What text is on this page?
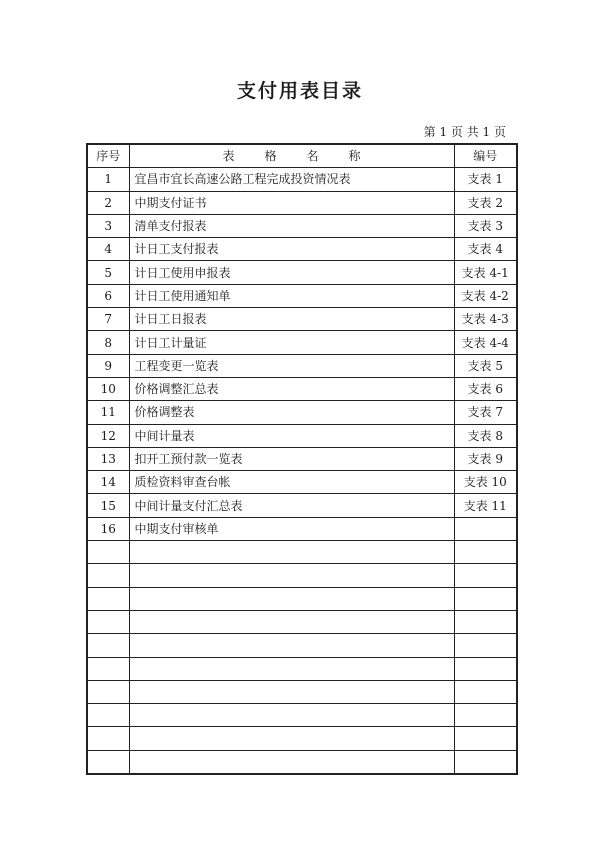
支付用表目录
第 1 页 共 1 页
序号	表格名称	编号
1	宜昌市宜长高速公路工程完成投资情况表	支表 1
2	中期支付证书	支表 2
3	清单支付报表	支表 3
4	计日工支付报表	支表 4
5	计日工使用申报表	支表 4-1
6	计日工使用通知单	支表 4-2
7	计日工日报表	支表 4-3
8	计日工计量证	支表 4-4
9	工程变更一览表	支表 5
10	价格调整汇总表	支表 6
11	价格调整表	支表 7
12	中间计量表	支表 8
13	扣开工预付款一览表	支表 9
14	质检资料审查台帐	支表 10
15	中间计量支付汇总表	支表 11
16	中期支付审核单	
